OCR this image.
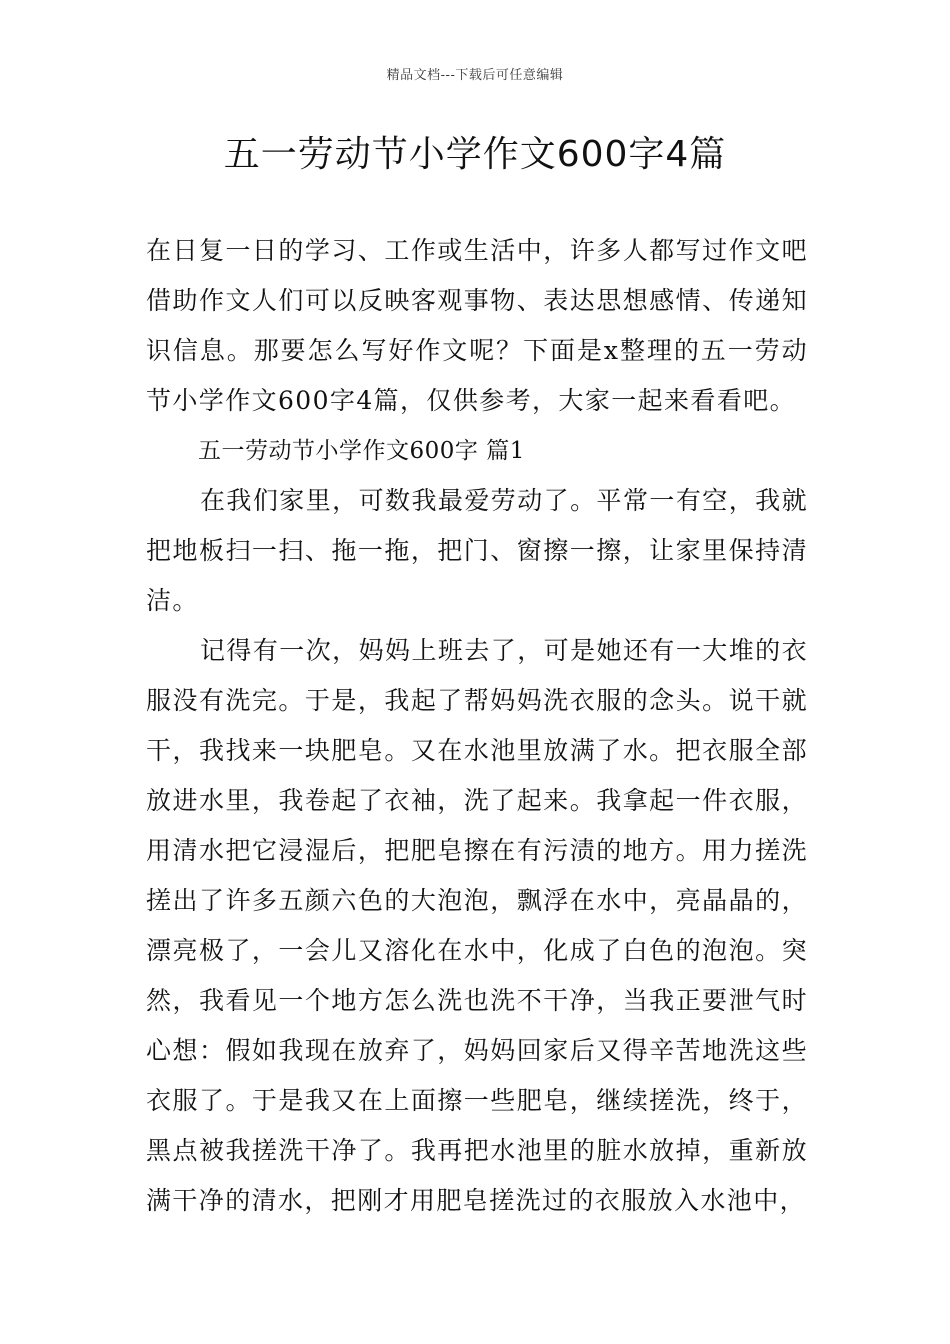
精品文档---下载后可任意编辑
五一劳动节小学作文600字4篇

在日复一日的学习、工作或生活中，许多人都写过作文吧借助作文人们可以反映客观事物、表达思想感情、传递知识信息。那要怎么写好作文呢？下面是x整理的五一劳动节小学作文600字4篇，仅供参考，大家一起来看看吧。

五一劳动节小学作文600字 篇1

在我们家里，可数我最爱劳动了。平常一有空，我就把地板扫一扫、拖一拖，把门、窗擦一擦，让家里保持清洁。

记得有一次，妈妈上班去了，可是她还有一大堆的衣服没有洗完。于是，我起了帮妈妈洗衣服的念头。说干就干，我找来一块肥皂。又在水池里放满了水。把衣服全部放进水里，我卷起了衣袖，洗了起来。我拿起一件衣服，用清水把它浸湿后，把肥皂擦在有污渍的地方。用力搓洗搓出了许多五颜六色的大泡泡，飘浮在水中，亮晶晶的，漂亮极了，一会儿又溶化在水中，化成了白色的泡泡。突然，我看见一个地方怎么洗也洗不干净，当我正要泄气时心想：假如我现在放弃了，妈妈回家后又得辛苦地洗这些衣服了。于是我又在上面擦一些肥皂，继续搓洗，终于，黑点被我搓洗干净了。我再把水池里的脏水放掉，重新放满干净的清水，把刚才用肥皂搓洗过的衣服放入水池中，
